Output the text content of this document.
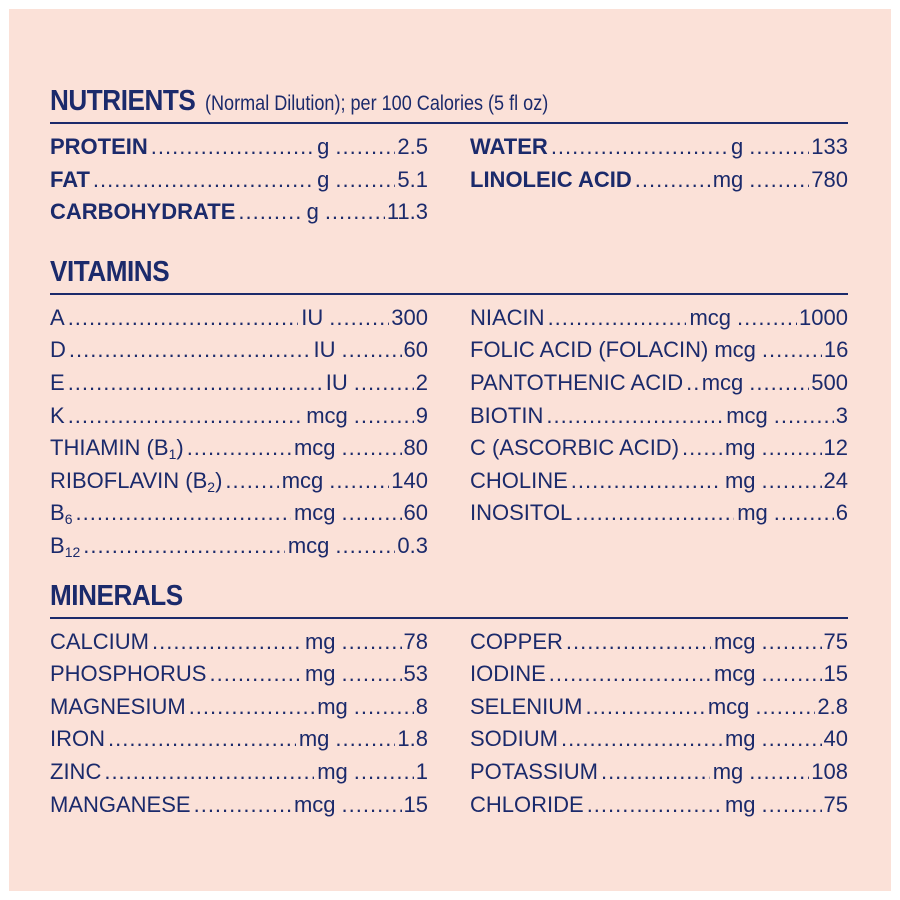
NUTRIENTS (Normal Dilution); per 100 Calories (5 fl oz)
PROTEIN .....	g .....	2.5
FAT .....	g .....	5.1
CARBOHYDRATE .....	g .....	11.3
WATER .....	g .....	133
LINOLEIC ACID .....	mg .....	780
VITAMINS
A .....	IU .....	300
D .....	IU .....	60
E .....	IU .....	2
K .....	mcg .....	9
THIAMIN $(B_1)$ .....	mcg .....	80
RIBOFLAVIN $(B_2)$ .....	mcg .....	140
$B_6$ .....	mcg .....	60
$B_{12}$ .....	mcg .....	0.3
NIACIN .....	mcg .....	1000
FOLIC ACID (FOLACIN) mcg .....	16
PANTOTHENIC ACID ..... mcg .....	500
BIOTIN .....	mcg .....	3
C (ASCORBIC ACID) ..... mg .....	12
CHOLINE .....	mg .....	24
INOSITOL .....	mg .....	6
MINERALS
CALCIUM .....	mg .....	78
PHOSPHORUS .....	mg .....	53
MAGNESIUM .....	mg .....	8
IRON .....	mg .....	1.8
ZINC .....	mg .....	1
MANGANESE .....	mcg .....	15
COPPER .....	mcg .....	75
IODINE .....	mcg .....	15
SELENIUM .....	mcg .....	2.8
SODIUM .....	mg .....	40
POTASSIUM .....	mg .....	108
CHLORIDE .....	mg .....	75
